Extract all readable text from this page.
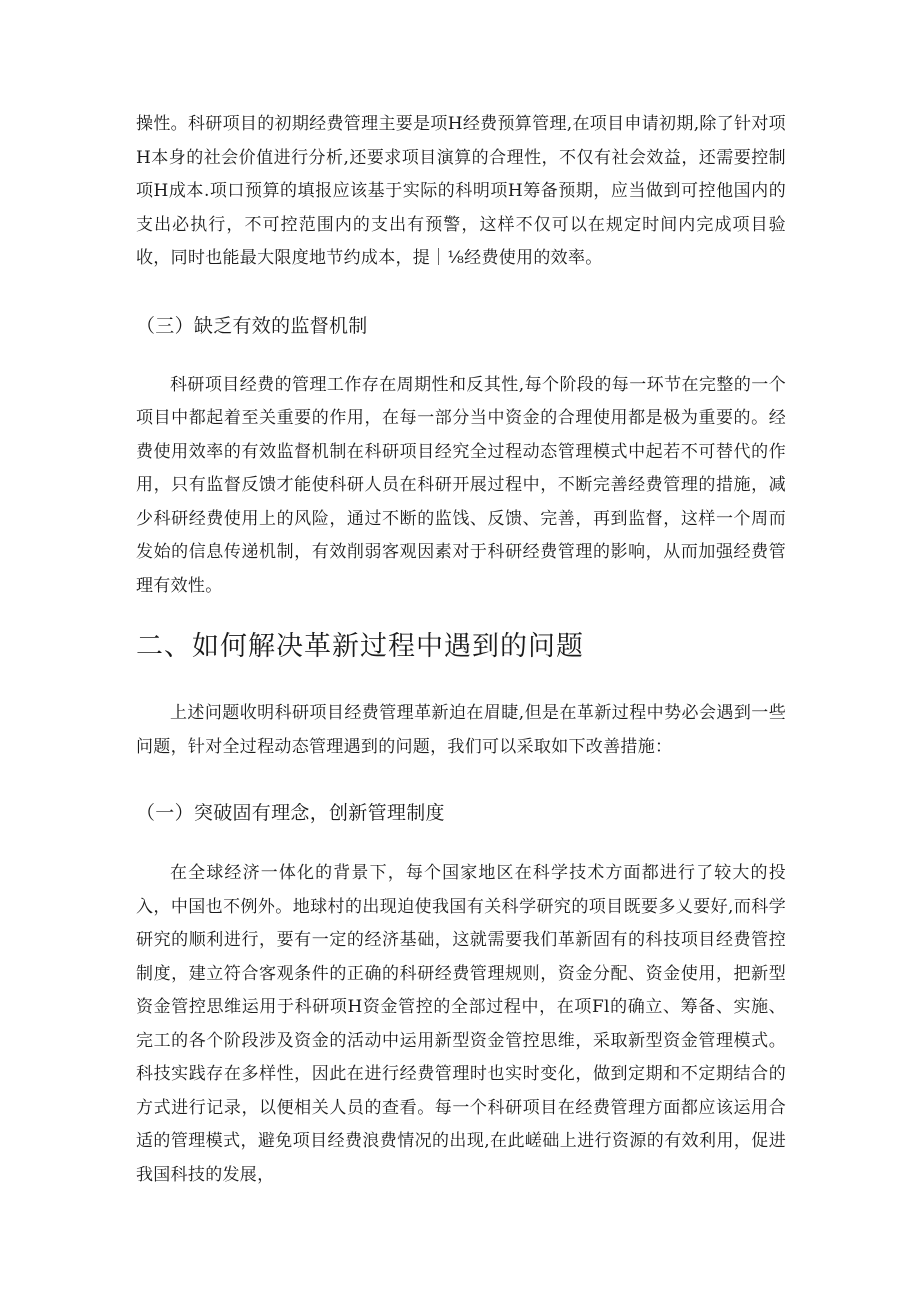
操性。科研项目的初期经费管理主要是项H经费预算管理,在项目申请初期,除了针对项H本身的社会价值进行分析,还要求项目演算的合理性，不仅有社会效益，还需要控制项H成本.项口预算的填报应该基于实际的科明项H筹备预期，应当做到可控他国内的支出必执行，不可控范围内的支出有预警，这样不仅可以在规定时间内完成项目验收，同时也能最大限度地节约成本，提｜⅛经费使用的效率。

（三）缺乏有效的监督机制

科研项目经费的管理工作存在周期性和反其性,每个阶段的每一环节在完整的一个项目中都起着至关重要的作用，在每一部分当中资金的合理使用都是极为重要的。经费使用效率的有效监督机制在科研项目经究全过程动态管理模式中起若不可替代的作用，只有监督反馈才能使科研人员在科研开展过程中，不断完善经费管理的措施，减少科研经费使用上的风险，通过不断的监饯、反馈、完善，再到监督，这样一个周而发始的信息传递机制，有效削弱客观因素对于科研经费管理的影响，从而加强经费管理有效性。

二、如何解决革新过程中遇到的问题

上述问题收明科研项目经费管理革新迫在眉睫,但是在革新过程中势必会遇到一些问题，针对全过程动态管理遇到的问题，我们可以采取如下改善措施：

（一）突破固有理念，创新管理制度

在全球经济一体化的背景下，每个国家地区在科学技术方面都进行了较大的投入，中国也不例外。地球村的出现迫使我国有关科学研究的项目既要多乂要好,而科学研究的顺利进行，要有一定的经济基础，这就需要我们革新固有的科技项目经费管控制度，建立符合客观条件的正确的科研经费管理规则，资金分配、资金使用，把新型资金管控思维运用于科研项H资金管控的全部过程中，在项Fl的确立、筹备、实施、完工的各个阶段涉及资金的活动中运用新型资金管控思维，采取新型资金管理模式。科技实践存在多样性，因此在进行经费管理时也实时变化，做到定期和不定期结合的方式进行记录，以便相关人员的查看。每一个科研项目在经费管理方面都应该运用合适的管理模式，避免项目经费浪费情况的出现,在此嵯础上进行资源的有效利用，促进我国科技的发展，
